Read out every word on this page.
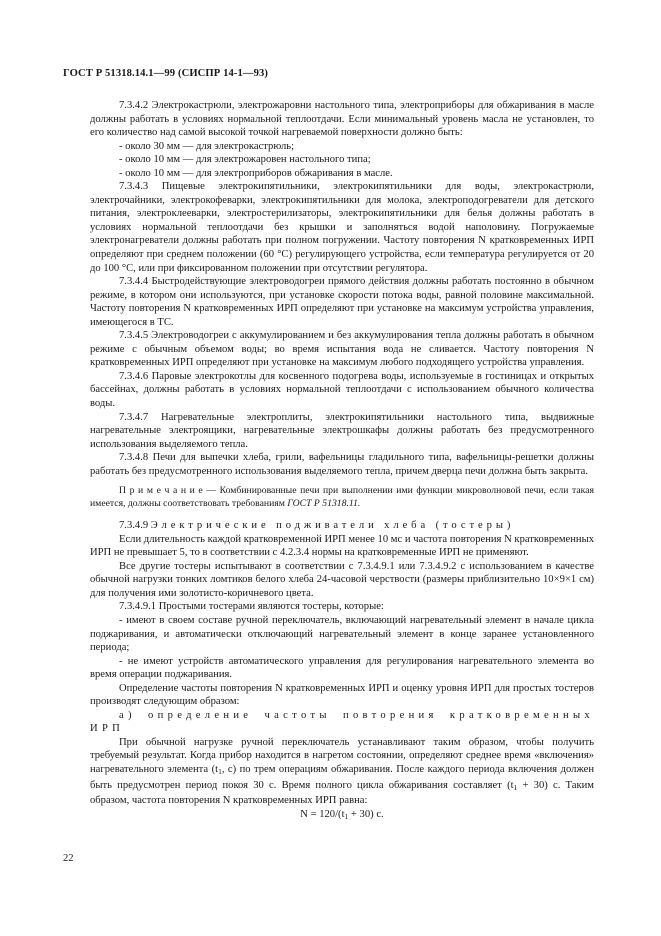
ГОСТ Р 51318.14.1—99 (СИСПР 14-1—93)

7.3.4.2 Электрокастрюли, электрожаровни настольного типа, электроприборы для обжаривания в масле должны работать в условиях нормальной теплоотдачи. Если минимальный уровень масла не установлен, то его количество над самой высокой точкой нагреваемой поверхности должно быть:

- около 30 мм — для электрокастрюль;

- около 10 мм — для электрожаровен настольного типа;

- около 10 мм — для электроприборов обжаривания в масле.

7.3.4.3 Пищевые электрокипятильники, электрокипятильники для воды, электрокастрюли, электрочайники, электрокофеварки, электрокипятильники для молока, электроподогреватели для детского питания, электроклееварки, электростерилизаторы, электрокипятильники для белья должны работать в условиях нормальной теплоотдачи без крышки и заполняться водой наполовину. Погружаемые электронагреватели должны работать при полном погружении. Частоту повторения N кратковременных ИРП определяют при среднем положении (60 °С) регулирующего устройства, если температура регулируется от 20 до 100 °С, или при фиксированном положении при отсутствии регулятора.

7.3.4.4 Быстродействующие электроводогреи прямого действия должны работать постоянно в обычном режиме, в котором они используются, при установке скорости потока воды, равной половине максимальной. Частоту повторения N кратковременных ИРП определяют при установке на максимум устройства управления, имеющегося в ТС.

7.3.4.5 Электроводогреи с аккумулированием и без аккумулирования тепла должны работать в обычном режиме с обычным объемом воды; во время испытания вода не сливается. Частоту повторения N кратковременных ИРП определяют при установке на максимум любого подходящего устройства управления.

7.3.4.6 Паровые электрокотлы для косвенного подогрева воды, используемые в гостиницах и открытых бассейнах, должны работать в условиях нормальной теплоотдачи с использованием обычного количества воды.

7.3.4.7 Нагревательные электроплиты, электрокипятильники настольного типа, выдвижные нагревательные электроящики, нагревательные электрошкафы должны работать без предусмотренного использования выделяемого тепла.

7.3.4.8 Печи для выпечки хлеба, грили, вафельницы гладильного типа, вафельницы-решетки должны работать без предусмотренного использования выделяемого тепла, причем дверца печи должна быть закрыта.

П р и м е ч а н и е — Комбинированные печи при выполнении ими функции микроволновой печи, если такая имеется, должны соответствовать требованиям ГОСТ Р 51318.11.

7.3.4.9 Электрические подживатели хлеба (тостеры)

Если длительность каждой кратковременной ИРП менее 10 мс и частота повторения N кратковременных ИРП не превышает 5, то в соответствии с 4.2.3.4 нормы на кратковременные ИРП не применяют.

Все другие тостеры испытывают в соответствии с 7.3.4.9.1 или 7.3.4.9.2 с использованием в качестве обычной нагрузки тонких ломтиков белого хлеба 24-часовой черствости (размеры приблизительно 10×9×1 см) для получения ими золотисто-коричневого цвета.

7.3.4.9.1 Простыми тостерами являются тостеры, которые:

- имеют в своем составе ручной переключатель, включающий нагревательный элемент в начале цикла поджаривания, и автоматически отключающий нагревательный элемент в конце заранее установленного периода;

- не имеют устройств автоматического управления для регулирования нагревательного элемента во время операции поджаривания.

Определение частоты повторения N кратковременных ИРП и оценку уровня ИРП для простых тостеров производят следующим образом:

а) определение частоты повторения кратковременных ИРП

При обычной нагрузке ручной переключатель устанавливают таким образом, чтобы получить требуемый результат. Когда прибор находится в нагретом состоянии, определяют среднее время «включения» нагревательного элемента ($t_1$, с) по трем операциям обжаривания. После каждого периода включения должен быть предусмотрен период покоя 30 с. Время полного цикла обжаривания составляет $(t_1 + 30)$ с. Таким образом, частота повторения N кратковременных ИРП равна:

$N = 120/(t_1 + 30)$ с.

22
